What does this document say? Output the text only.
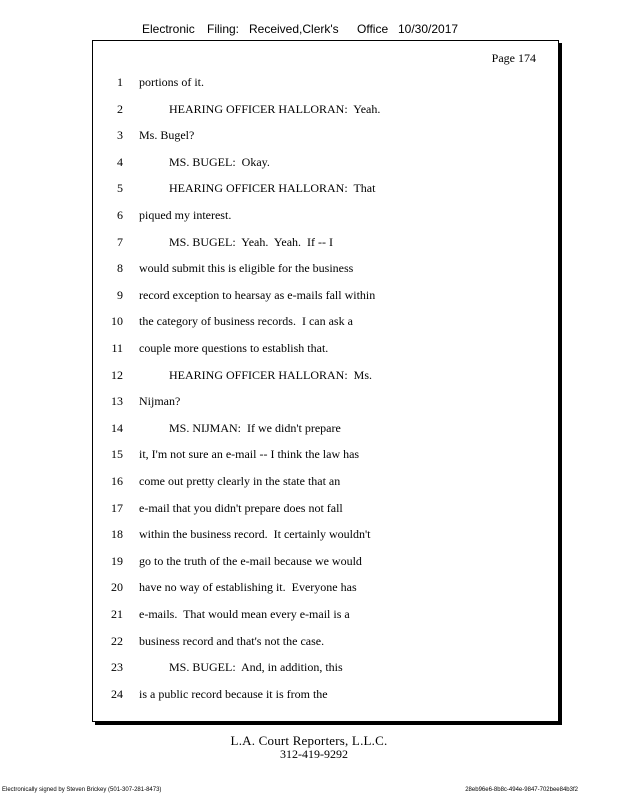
Electronic Filing: Received,Clerk's Office 10/30/2017
Page 174
1 portions of it.
2 HEARING OFFICER HALLORAN:  Yeah.
3 Ms. Bugel?
4 MS. BUGEL:  Okay.
5 HEARING OFFICER HALLORAN:  That
6 piqued my interest.
7 MS. BUGEL:  Yeah.  Yeah.  If -- I
8 would submit this is eligible for the business
9 record exception to hearsay as e-mails fall within
10 the category of business records.  I can ask a
11 couple more questions to establish that.
12 HEARING OFFICER HALLORAN:  Ms.
13 Nijman?
14 MS. NIJMAN:  If we didn't prepare
15 it, I'm not sure an e-mail -- I think the law has
16 come out pretty clearly in the state that an
17 e-mail that you didn't prepare does not fall
18 within the business record.  It certainly wouldn't
19 go to the truth of the e-mail because we would
20 have no way of establishing it.  Everyone has
21 e-mails.  That would mean every e-mail is a
22 business record and that's not the case.
23 MS. BUGEL:  And, in addition, this
24 is a public record because it is from the
L.A. Court Reporters, L.L.C.
312-419-9292
Electronically signed by Steven Brickey (501-307-281-8473)	28eb96e6-8b8c-494e-9847-702bee84b3f2
